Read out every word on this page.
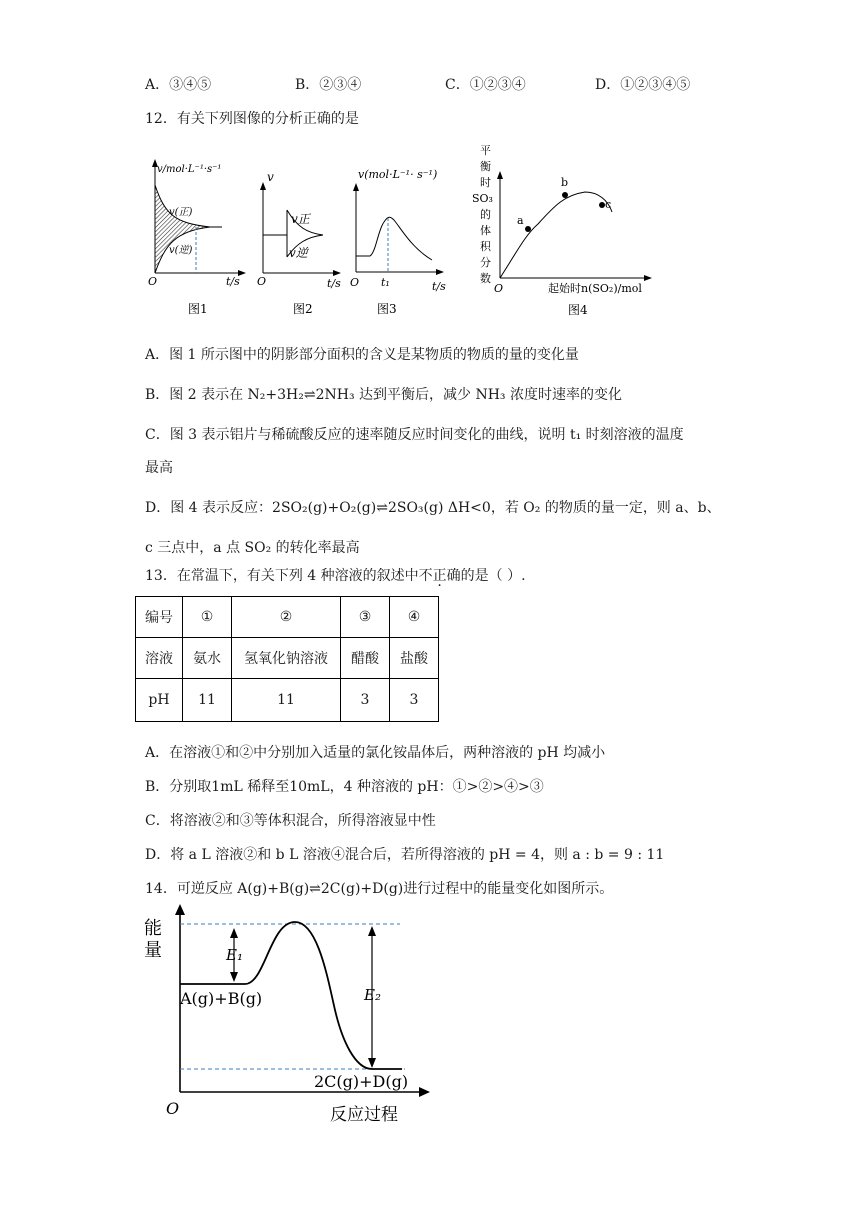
A．③④⑤	B．②③④	C．①②③④	D．①②③④⑤
12．有关下列图像的分析正确的是
v/mol·L⁻¹·s⁻¹
v(正)
v(逆)
O	t/s
图1
v
v正
v逆
O	t/s
图2
v(mol·L⁻¹· s⁻¹)
t₁
O	t/s
图3
平
衡
时
SO₃
的
体
积
分
数
a
b
c
O	起始时n(SO₂)/mol
图4
A．图 1 所示图中的阴影部分面积的含义是某物质的物质的量的变化量
B．图 2 表示在 N₂+3H₂⇌2NH₃ 达到平衡后，减少 NH₃ 浓度时速率的变化
C．图 3 表示铝片与稀硫酸反应的速率随反应时间变化的曲线，说明 t₁ 时刻溶液的温度
最高
D．图 4 表示反应：2SO₂(g)+O₂(g)⇌2SO₃(g) ΔH<0，若 O₂ 的物质的量一定，则 a、b、
c 三点中，a 点 SO₂ 的转化率最高
13．在常温下，有关下列 4 种溶液的叙述中不正确的是（ ）.
编号	①	②	③	④
溶液	氨水	氢氧化钠溶液	醋酸	盐酸
pH	11	11	3	3
A．在溶液①和②中分别加入适量的氯化铵晶体后，两种溶液的 pH 均减小
B．分别取1mL 稀释至10mL，4 种溶液的 pH：①>②>④>③
C．将溶液②和③等体积混合，所得溶液显中性
D．将 a L 溶液②和 b L 溶液④混合后，若所得溶液的 pH = 4，则 a : b = 9 : 11
14．可逆反应 A(g)+B(g)⇌2C(g)+D(g)进行过程中的能量变化如图所示。
能
量	E₁
E₂
A(g)+B(g)
2C(g)+D(g)
O	反应过程
